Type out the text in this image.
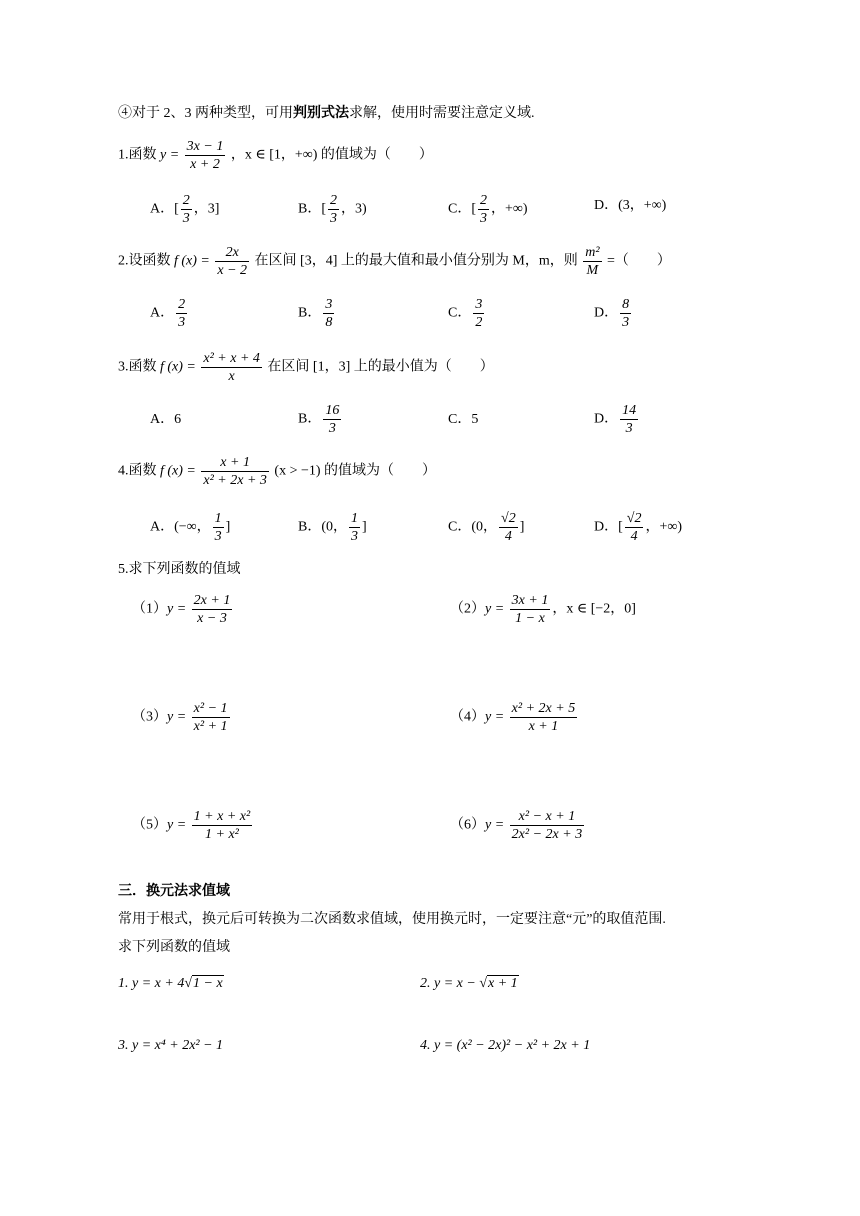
④对于 2、3 两种类型，可用判别式法求解，使用时需要注意定义域.
1.函数 $y = \frac{3x - 1}{x + 2}$ ，x ∈ [1，+∞) 的值域为（　　）
A．[ $\frac{2}{3}$ ，3]	B．[ $\frac{2}{3}$ ，3)	C．[ $\frac{2}{3}$ ，+∞)	D．(3，+∞)
2.设函数 f $(x) = \frac{2x}{x - 2}$ 在区间 [3，4] 上的最大值和最小值分别为 M，m，则 $\frac{\text{m²}}{M}$ =（　　）
A． $\frac{2}{3}$	B． $\frac{3}{8}$	C． $\frac{3}{2}$	D． $\frac{8}{3}$
3.函数 f $(x) = \frac{\text{x² + x + 4}}{x}$ 在区间 [1，3] 上的最小值为（　　）
A．6	B． $\frac{16}{3}$	C．5	D． $\frac{14}{3}$
4.函数 f $(x) = \frac{x + 1}{\text{x² + 2x + 3}} (x > -1)$ 的值域为（　　）
A．(−∞， $\frac{1}{3}$ ]	B．(0， $\frac{1}{3}$ ]	C．(0， $\frac{√2}{4}$ ]	D．[ $\frac{√2}{4}$ ，+∞)
5.求下列函数的值域
$(1)y = \frac{2x + 1}{x - 3}$	$(2)y = \frac{3x + 1}{1 - x}$ ，x ∈ [−2，0]
$(3)y = \frac{\text{x² − 1}}{\text{x² + 1}}$	$(4)y = \frac{\text{x² + 2x + 5}}{x + 1}$
$(5)y = \frac{\text{1 + x + x²}}{\text{1 + x²}}$	$(6)y = \frac{\text{x² − x + 1}}{\text{2x² − 2x + 3}}$
三．换元法求值域
常用于根式，换元后可转换为二次函数求值域，使用换元时，一定要注意“元”的取值范围.
求下列函数的值域
1. y = x + 4√1 − x	2. y = x − √x + 1
3. y = x⁴ + 2x² − 1	4. y = (x² − 2x)² − x² + 2x + 1
